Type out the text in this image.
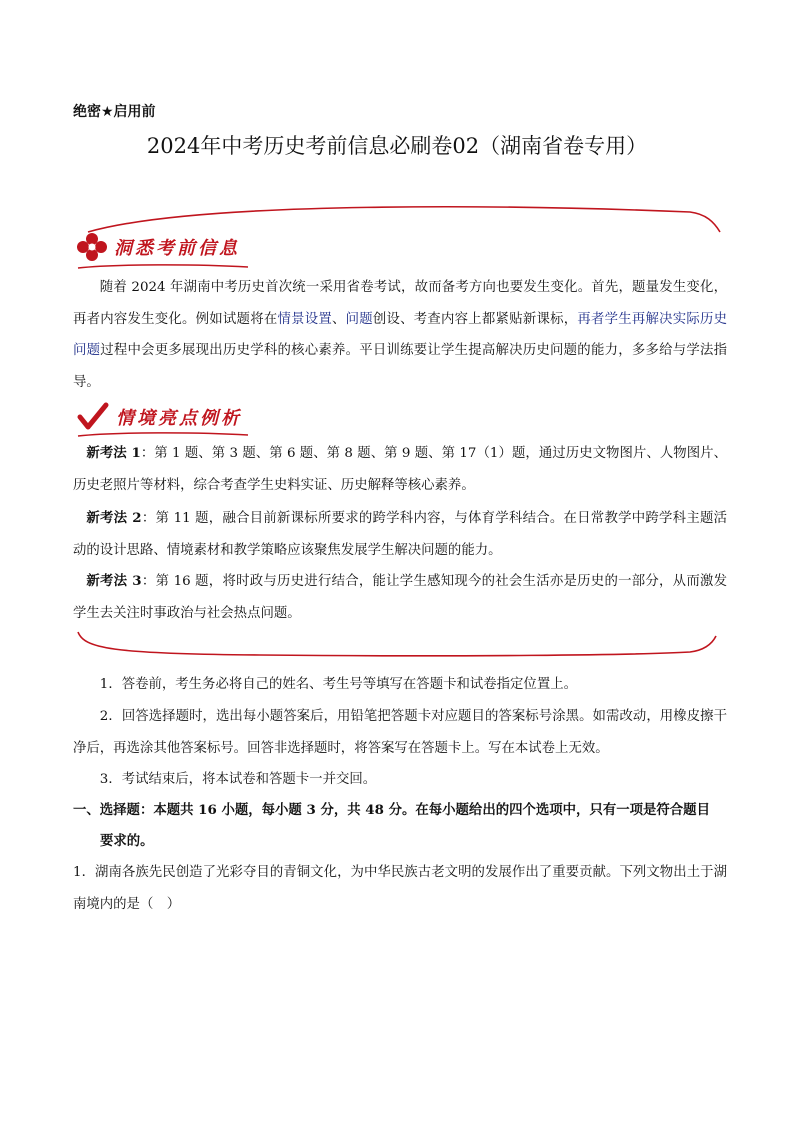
绝密★启用前
2024年中考历史考前信息必刷卷02（湖南省卷专用）
洞悉考前信息
随着 2024 年湖南中考历史首次统一采用省卷考试，故而备考方向也要发生变化。首先，题量发生变化，再者内容发生变化。例如试题将在情景设置、问题创设、考查内容上都紧贴新课标，再者学生再解决实际历史问题过程中会更多展现出历史学科的核心素养。平日训练要让学生提高解决历史问题的能力，多多给与学法指导。
情境亮点例析
新考法 1：第 1 题、第 3 题、第 6 题、第 8 题、第 9 题、第 17（1）题，通过历史文物图片、人物图片、历史老照片等材料，综合考查学生史料实证、历史解释等核心素养。
新考法 2：第 11 题，融合目前新课标所要求的跨学科内容，与体育学科结合。在日常教学中跨学科主题活动的设计思路、情境素材和教学策略应该聚焦发展学生解决问题的能力。
新考法 3：第 16 题，将时政与历史进行结合，能让学生感知现今的社会生活亦是历史的一部分，从而激发学生去关注时事政治与社会热点问题。
1．答卷前，考生务必将自己的姓名、考生号等填写在答题卡和试卷指定位置上。
2．回答选择题时，选出每小题答案后，用铅笔把答题卡对应题目的答案标号涂黑。如需改动，用橡皮擦干净后，再选涂其他答案标号。回答非选择题时，将答案写在答题卡上。写在本试卷上无效。
3．考试结束后，将本试卷和答题卡一并交回。
一、选择题：本题共 16 小题，每小题 3 分，共 48 分。在每小题给出的四个选项中，只有一项是符合题目
要求的。
1．湖南各族先民创造了光彩夺目的青铜文化，为中华民族古老文明的发展作出了重要贡献。下列文物出土于湖南境内的是（　）
